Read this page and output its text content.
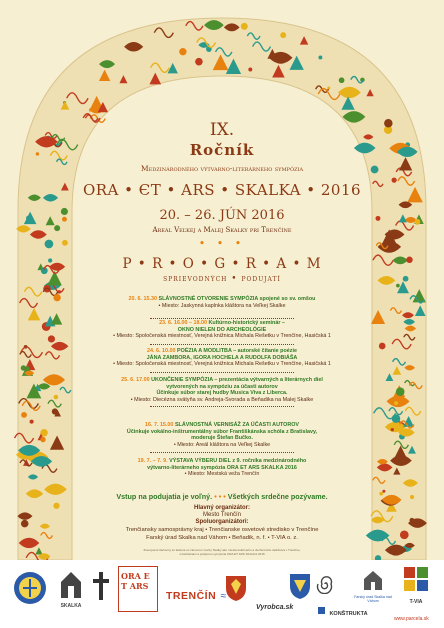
IX.
Ročník
Medzinárodného výtvarno-literárneho sympózia
ORA • ЄT • ARS • SKALKA • 2016
20. – 26. JÚN 2016
Areál Veľkej a Malej Skalky pri Trenčíne
• • •
P • R • O • G • R • A • M
sprievodných • podujatí
20. 6. 15.30 SLÁVNOSTNÉ OTVORENIE SYMPÓZIA spojené so sv. omšou
• Miesto: Jaskynná kaplnka kláštora na Veľkej Skalke
23. 6. 16.00 – 18.00 Kultúrno-historický seminár –
OKNO NIELEN DO ARCHEOLÓGIE
• Miesto: Spoločenská miestnosť, Verejná knižnica Michala Rešetku v Trenčíne, Hasičská 1
24. 6. 10.00 POÉZIA A MODLITBA – autorské čítanie poézie
JÁNA ZAMBORA, IGORA HOCHELA A RUDOLFA DOBIÁŠA
• Miesto: Spoločenská miestnosť, Verejná knižnica Michala Rešetku v Trenčíne, Hasičská 1
25. 6. 17.00 UKONČENIE SYMPÓZIA – prezentácia výtvarných a literárnych diel
vytvorených na sympóziu za účasti autorov
Účinkuje súbor starej hudby Musica Viva z Liberca.
• Miesto: Diecézna svätyňa sv. Andreja-Svorada a Beňadika na Malej Skalke
16. 7. 15.00 SLÁVNOSTNÁ VERNISÁŽ ZA ÚČASTI AUTOROV
Účinkuje vokálno-inštrumentálny súbor Františkánska schóla z Bratislavy,
moderuje Štefan Bučko.
• Miesto: Areál kláštora na Veľkej Skalke
19. 7. – 7. 9. VÝSTAVA VÝBERU DIEL z 9. ročníka medzinárodného
výtvarno-literárneho sympózia ORA ET ARS SKALKA 2016
• Miesto: Mestská veža Trenčín
Vstup na podujatia je voľný. • • • Všetkých srdečne pozývame.
Hlavný organizátor:
Mesto Trenčín
Spoluorganizátori:
Trenčiansky samosprávny kraj • Trenčianske osvetové stredisko v Trenčíne
Farský úrad Skalka nad Váhom • Beňadik, n. f. • T-VIA o. z.
Zverejnené tlačoviny sú tlačené so zámerom tvorby Skalky ako miesta kultúrneho a duchovného dedičstva v Trenčíne.
s ilustráciami a podporou sympózia ORA ET ARS SKALKA 2016
SKALKA
ORA ET ARS
TRENČÍN ≈
Vyrobca.sk
KONŠTRUKTA
Farský úrad Skalka nad Váhom	T-VIA
www.parcela.sk
